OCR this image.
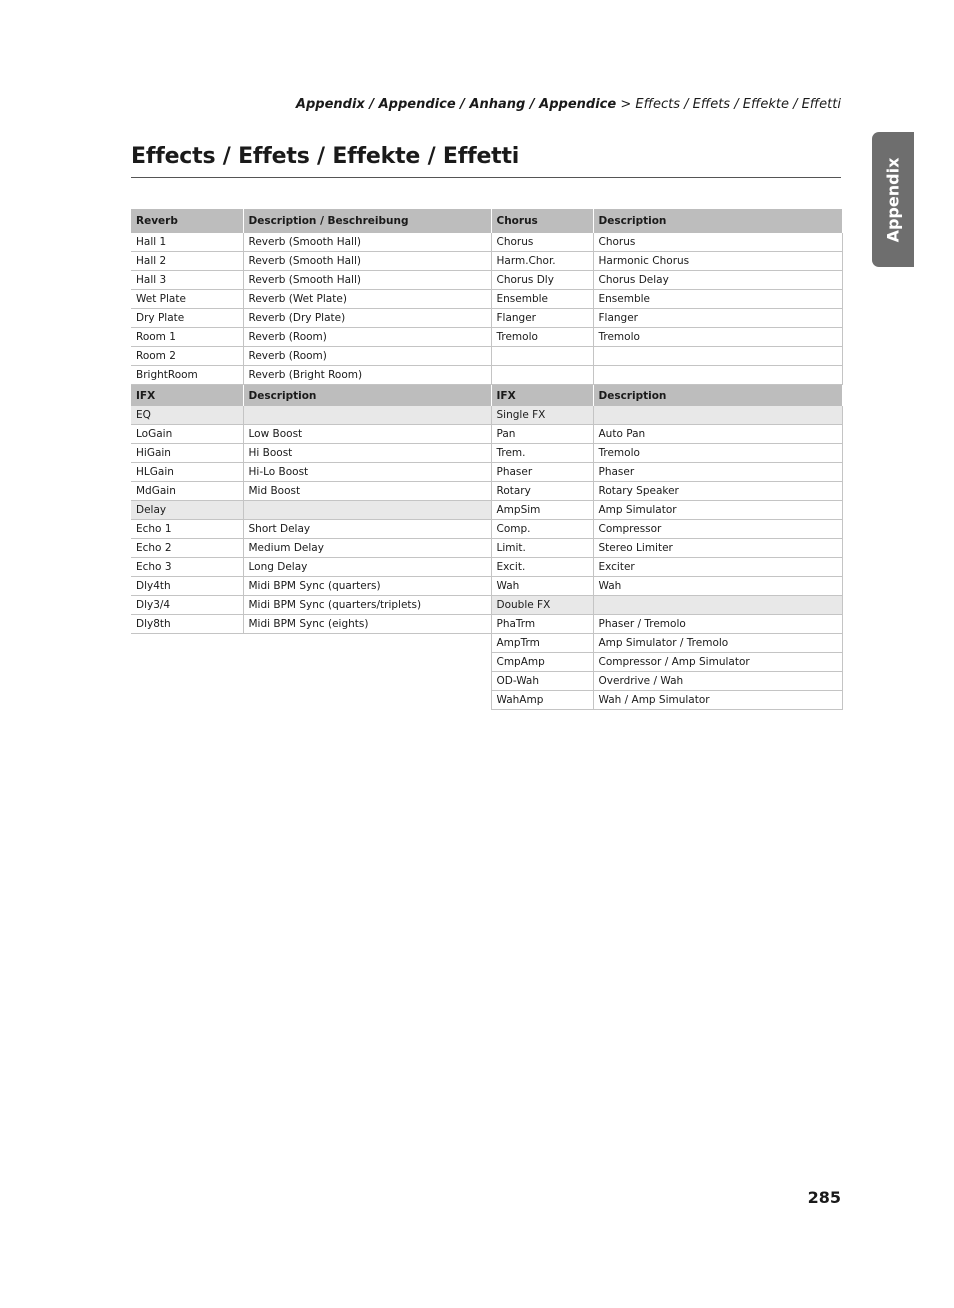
Appendix / Appendice / Anhang / Appendice > Effects / Effets / Effekte / Effetti
Effects / Effets / Effekte / Effetti
Appendix
Reverb	Description / Beschreibung	Chorus	Description
Hall 1	Reverb (Smooth Hall)	Chorus	Chorus
Hall 2	Reverb (Smooth Hall)	Harm.Chor.	Harmonic Chorus
Hall 3	Reverb (Smooth Hall)	Chorus Dly	Chorus Delay
Wet Plate	Reverb (Wet Plate)	Ensemble	Ensemble
Dry Plate	Reverb (Dry Plate)	Flanger	Flanger
Room 1	Reverb (Room)	Tremolo	Tremolo
Room 2	Reverb (Room)		
BrightRoom	Reverb (Bright Room)		
IFX	Description	IFX	Description
EQ		Single FX	
LoGain	Low Boost	Pan	Auto Pan
HiGain	Hi Boost	Trem.	Tremolo
HLGain	Hi-Lo Boost	Phaser	Phaser
MdGain	Mid Boost	Rotary	Rotary Speaker
Delay		AmpSim	Amp Simulator
Echo 1	Short Delay	Comp.	Compressor
Echo 2	Medium Delay	Limit.	Stereo Limiter
Echo 3	Long Delay	Excit.	Exciter
Dly4th	Midi BPM Sync (quarters)	Wah	Wah
Dly3/4	Midi BPM Sync (quarters/triplets)	Double FX	
Dly8th	Midi BPM Sync (eights)	PhaTrm	Phaser / Tremolo
		AmpTrm	Amp Simulator / Tremolo
		CmpAmp	Compressor / Amp Simulator
		OD-Wah	Overdrive / Wah
		WahAmp	Wah / Amp Simulator
285
